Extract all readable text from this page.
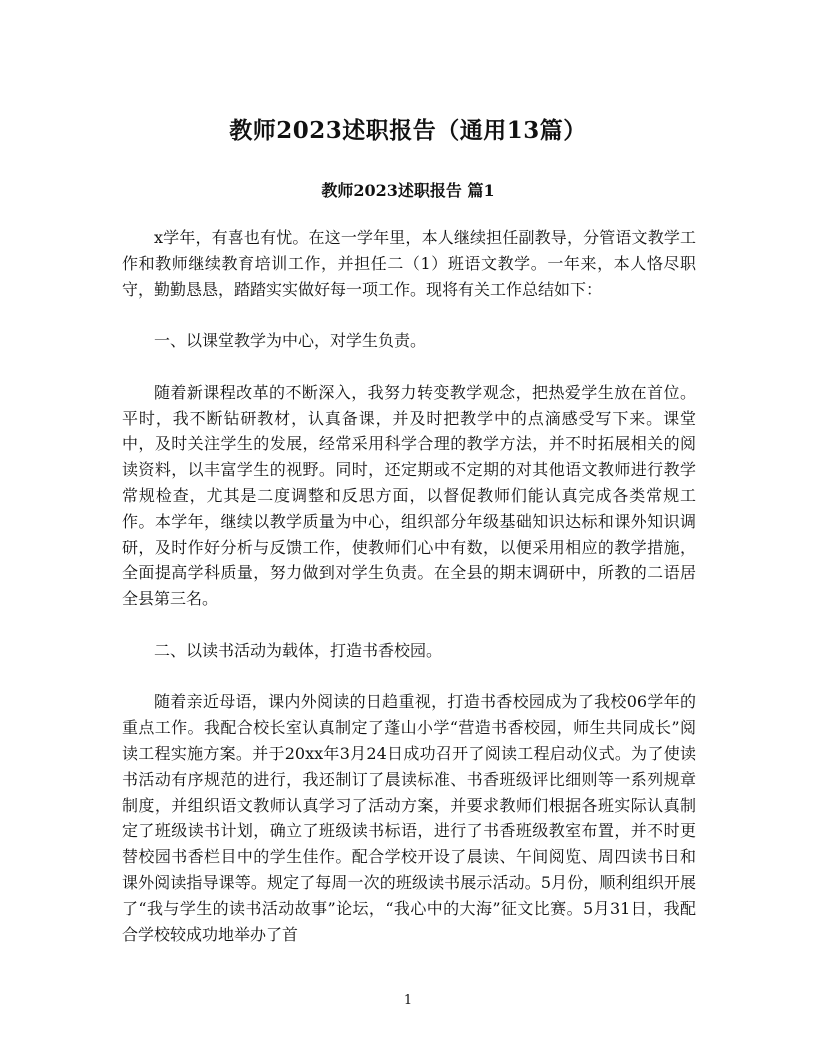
教师2023述职报告（通用13篇）
教师2023述职报告 篇1

x学年，有喜也有忧。在这一学年里，本人继续担任副教导，分管语文教学工作和教师继续教育培训工作，并担任二（1）班语文教学。一年来，本人恪尽职守，勤勤恳恳，踏踏实实做好每一项工作。现将有关工作总结如下：

一、以课堂教学为中心，对学生负责。

随着新课程改革的不断深入，我努力转变教学观念，把热爱学生放在首位。平时，我不断钻研教材，认真备课，并及时把教学中的点滴感受写下来。课堂中，及时关注学生的发展，经常采用科学合理的教学方法，并不时拓展相关的阅读资料，以丰富学生的视野。同时，还定期或不定期的对其他语文教师进行教学常规检查，尤其是二度调整和反思方面，以督促教师们能认真完成各类常规工作。本学年，继续以教学质量为中心，组织部分年级基础知识达标和课外知识调研，及时作好分析与反馈工作，使教师们心中有数，以便采用相应的教学措施，全面提高学科质量，努力做到对学生负责。在全县的期末调研中，所教的二语居全县第三名。

二、以读书活动为载体，打造书香校园。

随着亲近母语，课内外阅读的日趋重视，打造书香校园成为了我校06学年的重点工作。我配合校长室认真制定了蓬山小学“营造书香校园，师生共同成长”阅读工程实施方案。并于20xx年3月24日成功召开了阅读工程启动仪式。为了使读书活动有序规范的进行，我还制订了晨读标准、书香班级评比细则等一系列规章制度，并组织语文教师认真学习了活动方案，并要求教师们根据各班实际认真制定了班级读书计划，确立了班级读书标语，进行了书香班级教室布置，并不时更替校园书香栏目中的学生佳作。配合学校开设了晨读、午间阅览、周四读书日和课外阅读指导课等。规定了每周一次的班级读书展示活动。5月份，顺利组织开展了“我与学生的读书活动故事”论坛，“我心中的大海”征文比赛。5月31日，我配合学校较成功地举办了首

1
